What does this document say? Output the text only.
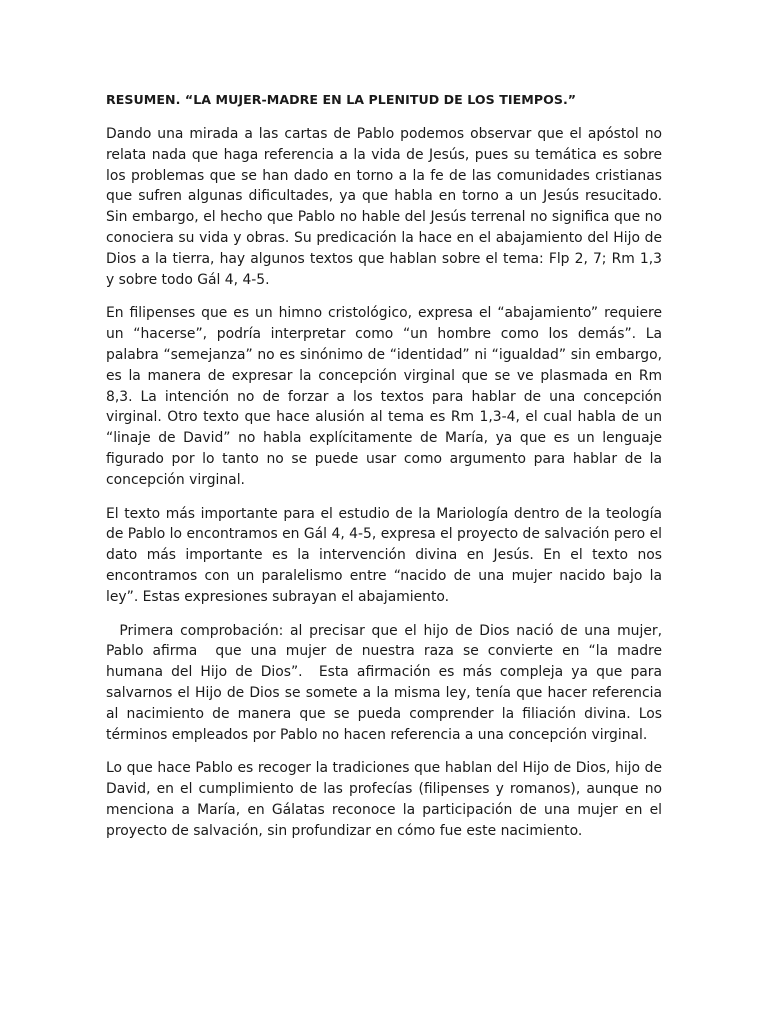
RESUMEN. “LA MUJER-MADRE EN LA PLENITUD DE LOS TIEMPOS.”

Dando una mirada a las cartas de Pablo podemos observar que el apóstol no relata nada que haga referencia a la vida de Jesús, pues su temática es sobre los problemas que se han dado en torno a la fe de las comunidades cristianas que sufren algunas dificultades, ya que habla en torno a un Jesús resucitado. Sin embargo, el hecho que Pablo no hable del Jesús terrenal no significa que no conociera su vida y obras. Su predicación la hace en el abajamiento del Hijo de Dios a la tierra, hay algunos textos que hablan sobre el tema: Flp 2, 7; Rm 1,3 y sobre todo Gál 4, 4-5.

En filipenses que es un himno cristológico, expresa el “abajamiento” requiere un “hacerse”, podría interpretar como “un hombre como los demás”. La palabra “semejanza” no es sinónimo de “identidad” ni “igualdad” sin embargo, es la manera de expresar la concepción virginal que se ve plasmada en Rm 8,3. La intención no de forzar a los textos para hablar de una concepción virginal. Otro texto que hace alusión al tema es Rm 1,3-4, el cual habla de un “linaje de David” no habla explícitamente de María, ya que es un lenguaje figurado por lo tanto no se puede usar como argumento para hablar de la concepción virginal.

El texto más importante para el estudio de la Mariología dentro de la teología de Pablo lo encontramos en Gál 4, 4-5, expresa el proyecto de salvación pero el dato más importante es la intervención divina en Jesús. En el texto nos encontramos con un paralelismo entre “nacido de una mujer nacido bajo la ley”. Estas expresiones subrayan el abajamiento.

Primera comprobación: al precisar que el hijo de Dios nació de una mujer, Pablo afirma  que una mujer de nuestra raza se convierte en “la madre humana del Hijo de Dios”.  Esta afirmación es más compleja ya que para salvarnos el Hijo de Dios se somete a la misma ley, tenía que hacer referencia al nacimiento de manera que se pueda comprender la filiación divina. Los términos empleados por Pablo no hacen referencia a una concepción virginal.

Lo que hace Pablo es recoger la tradiciones que hablan del Hijo de Dios, hijo de David, en el cumplimiento de las profecías (filipenses y romanos), aunque no menciona a María, en Gálatas reconoce la participación de una mujer en el proyecto de salvación, sin profundizar en cómo fue este nacimiento.
